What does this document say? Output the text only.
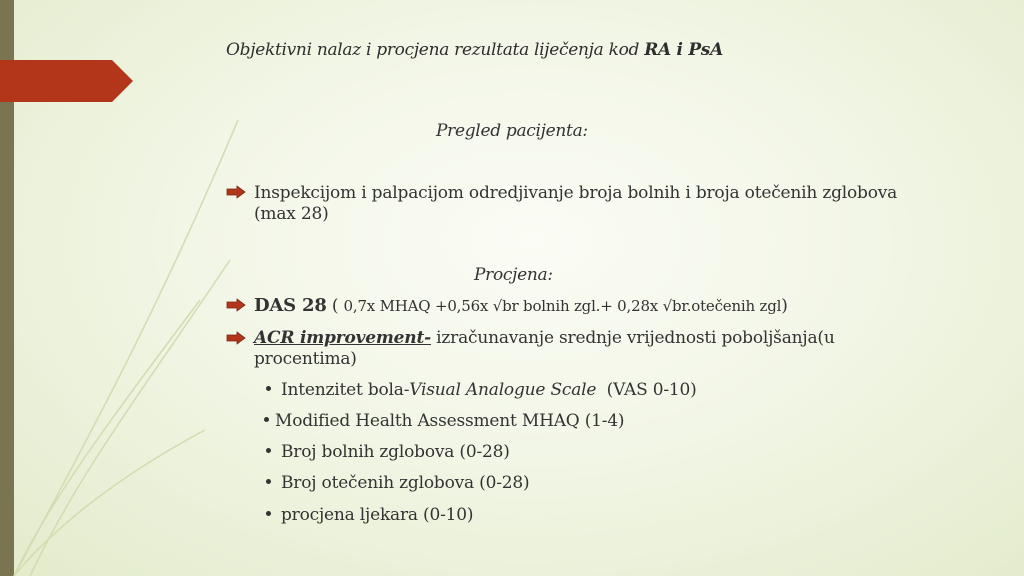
Objektivni nalaz i procjena rezultata liječenja kod RA i PsA
Pregled pacijenta:
Inspekcijom i palpacijom odredjivanje broja bolnih i broja otečenih zglobova
(max 28)
Procjena:
DAS 28 ( 0,7x MHAQ +0,56x √br bolnih zgl.+ 0,28x √br.otečenih zgl)
ACR improvement- izračunavanje srednje vrijednosti poboljšanja(u
procentima)
Intenzitet bola-Visual Analogue Scale  (VAS 0-10)
Modified Health Assessment MHAQ (1-4)
Broj bolnih zglobova (0-28)
Broj otečenih zglobova (0-28)
procjena ljekara (0-10)
